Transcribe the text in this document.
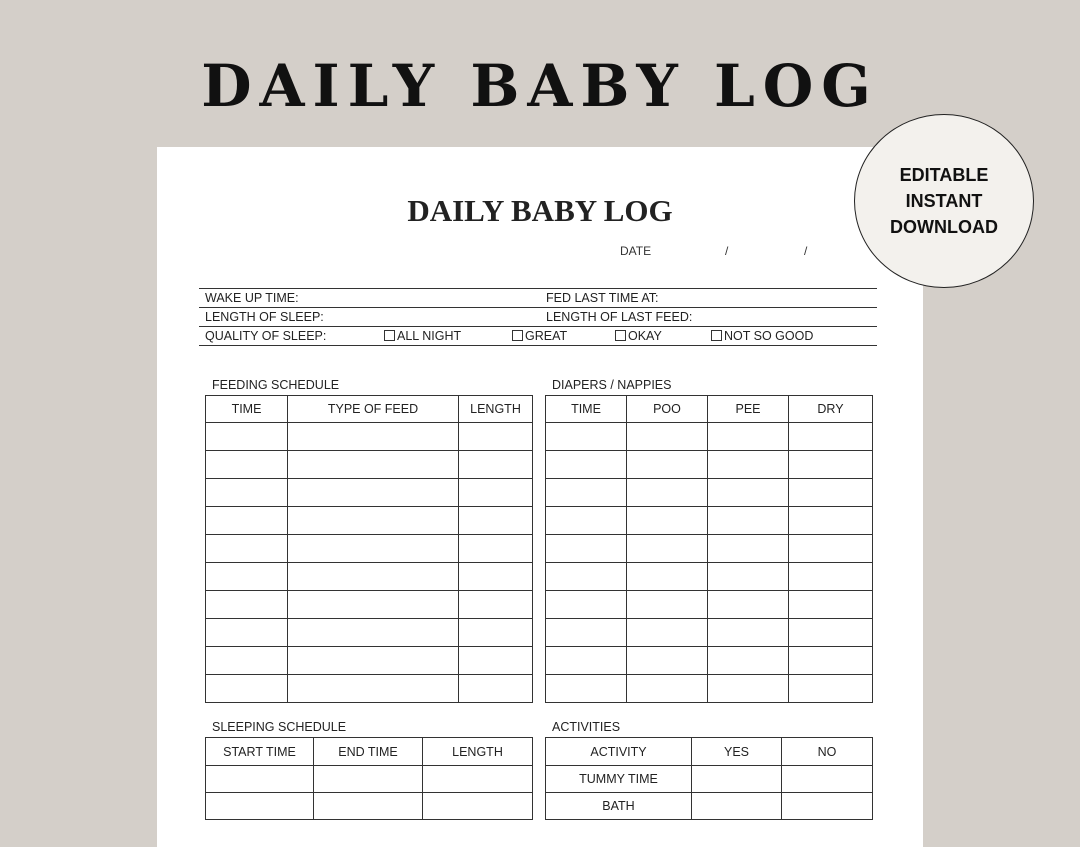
DAILY BABY LOG
DAILY BABY LOG
DATE	/	/
WAKE UP TIME:	FED LAST TIME AT:
LENGTH OF SLEEP:	LENGTH OF LAST FEED:
QUALITY OF SLEEP:	ALL NIGHT	GREAT	OKAY	NOT SO GOOD
FEEDING SCHEDULE
TIME	TYPE OF FEED	LENGTH

DIAPERS / NAPPIES
TIME	POO	PEE	DRY

SLEEPING SCHEDULE
START TIME	END TIME	LENGTH

ACTIVITIES
ACTIVITY	YES	NO
TUMMY TIME		
BATH		
EDITABLE
INSTANT
DOWNLOAD
